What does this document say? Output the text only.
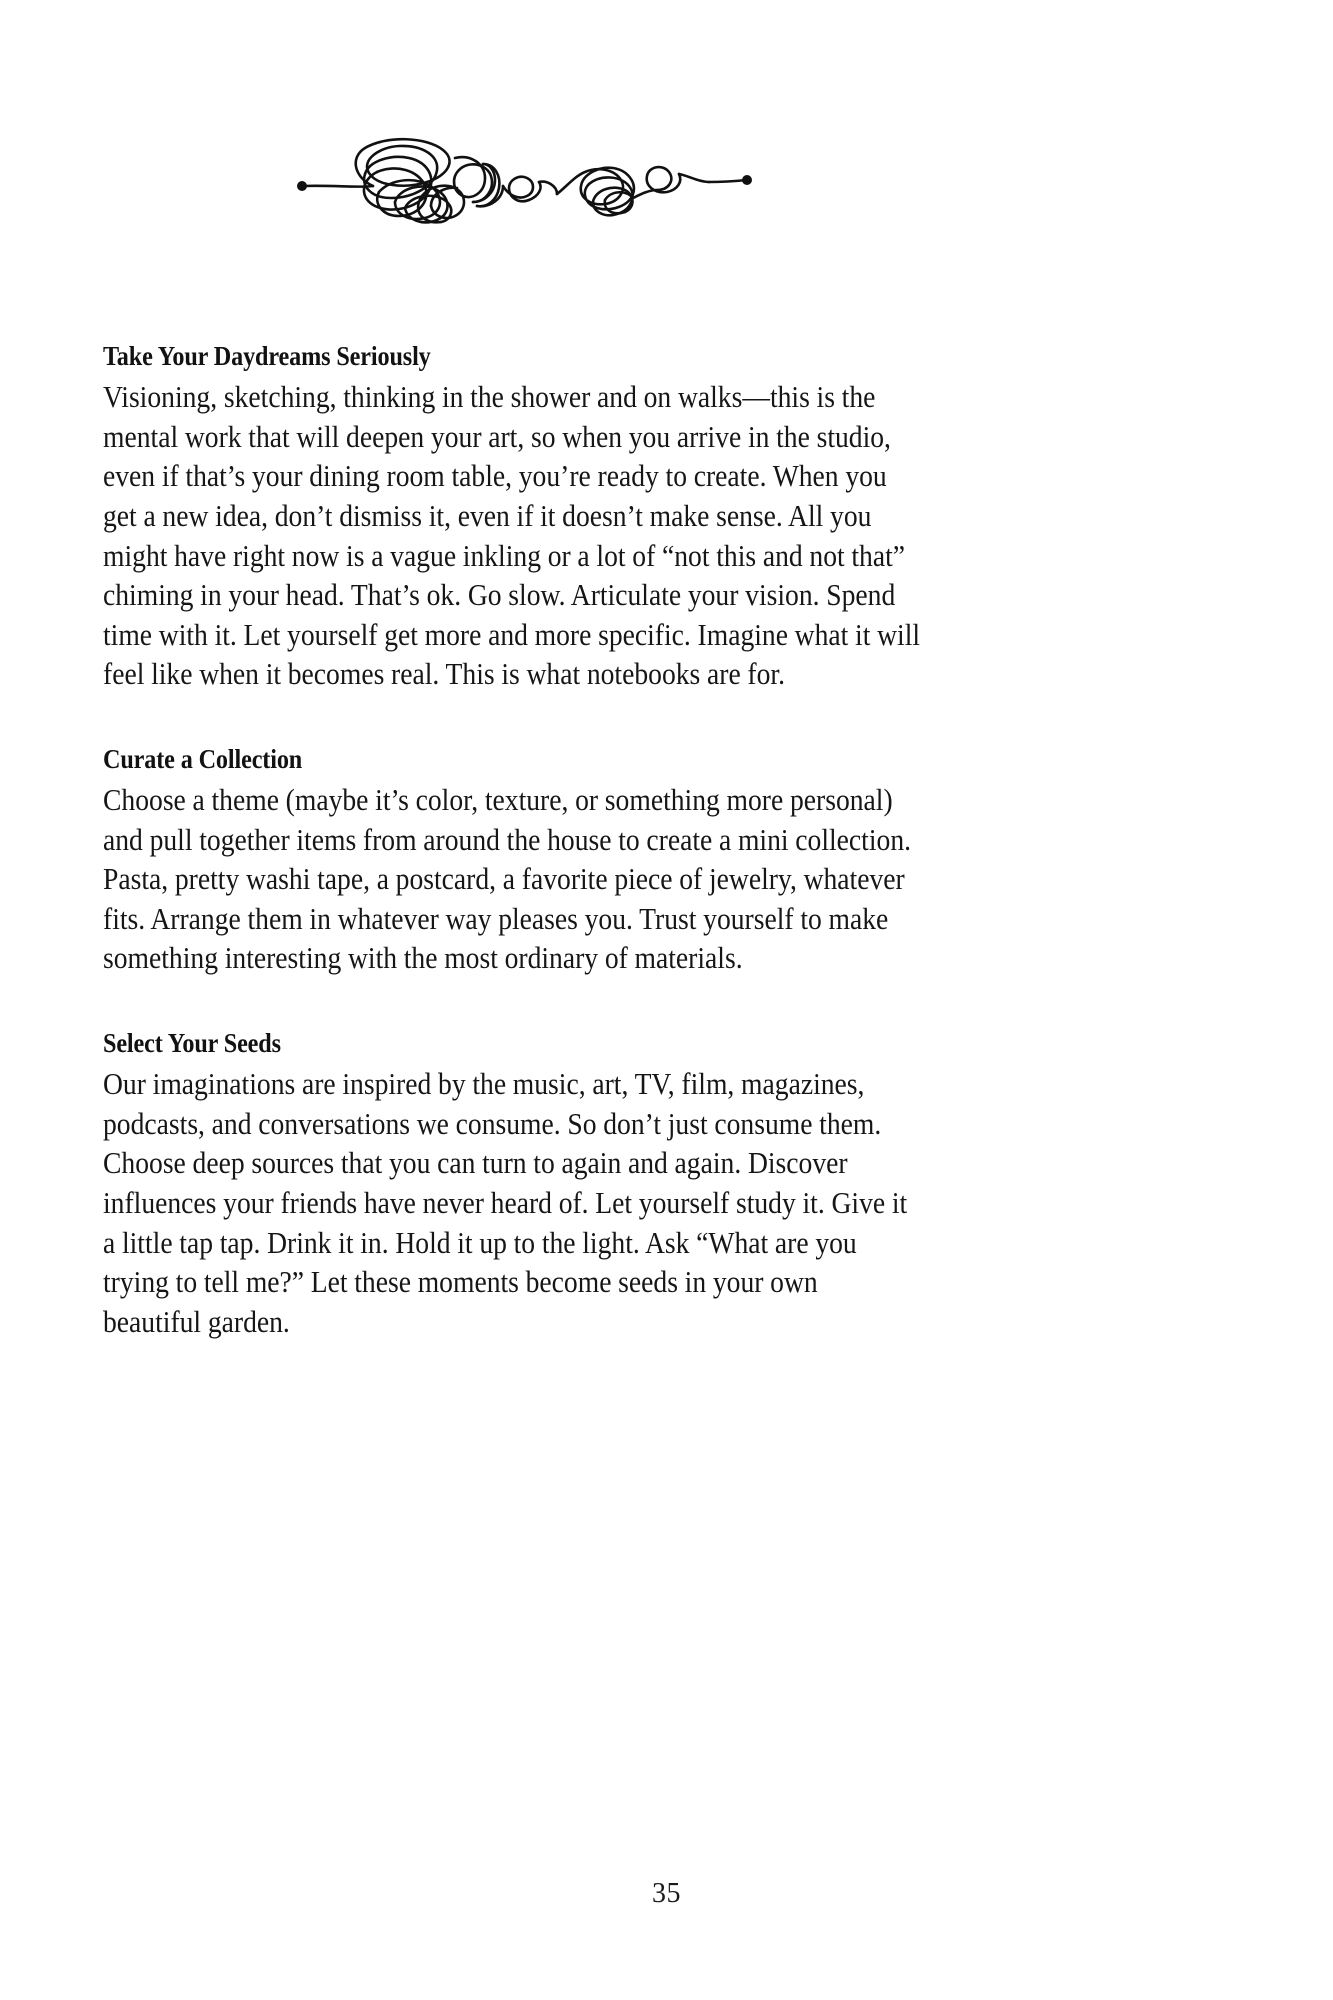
Take Your Daydreams Seriously

Visioning, sketching, thinking in the shower and on walks—this is the mental work that will deepen your art, so when you arrive in the studio, even if that’s your dining room table, you’re ready to create. When you get a new idea, don’t dismiss it, even if it doesn’t make sense. All you might have right now is a vague inkling or a lot of “not this and not that” chiming in your head. That’s ok. Go slow. Articulate your vision. Spend time with it. Let yourself get more and more specific. Imagine what it will feel like when it becomes real. This is what notebooks are for.

Curate a Collection

Choose a theme (maybe it’s color, texture, or something more personal) and pull together items from around the house to create a mini collection. Pasta, pretty washi tape, a postcard, a favorite piece of jewelry, whatever fits. Arrange them in whatever way pleases you. Trust yourself to make something interesting with the most ordinary of materials.

Select Your Seeds

Our imaginations are inspired by the music, art, TV, film, magazines, podcasts, and conversations we consume. So don’t just consume them. Choose deep sources that you can turn to again and again. Discover influences your friends have never heard of. Let yourself study it. Give it a little tap tap. Drink it in. Hold it up to the light. Ask “What are you trying to tell me?” Let these moments become seeds in your own beautiful garden.

35
